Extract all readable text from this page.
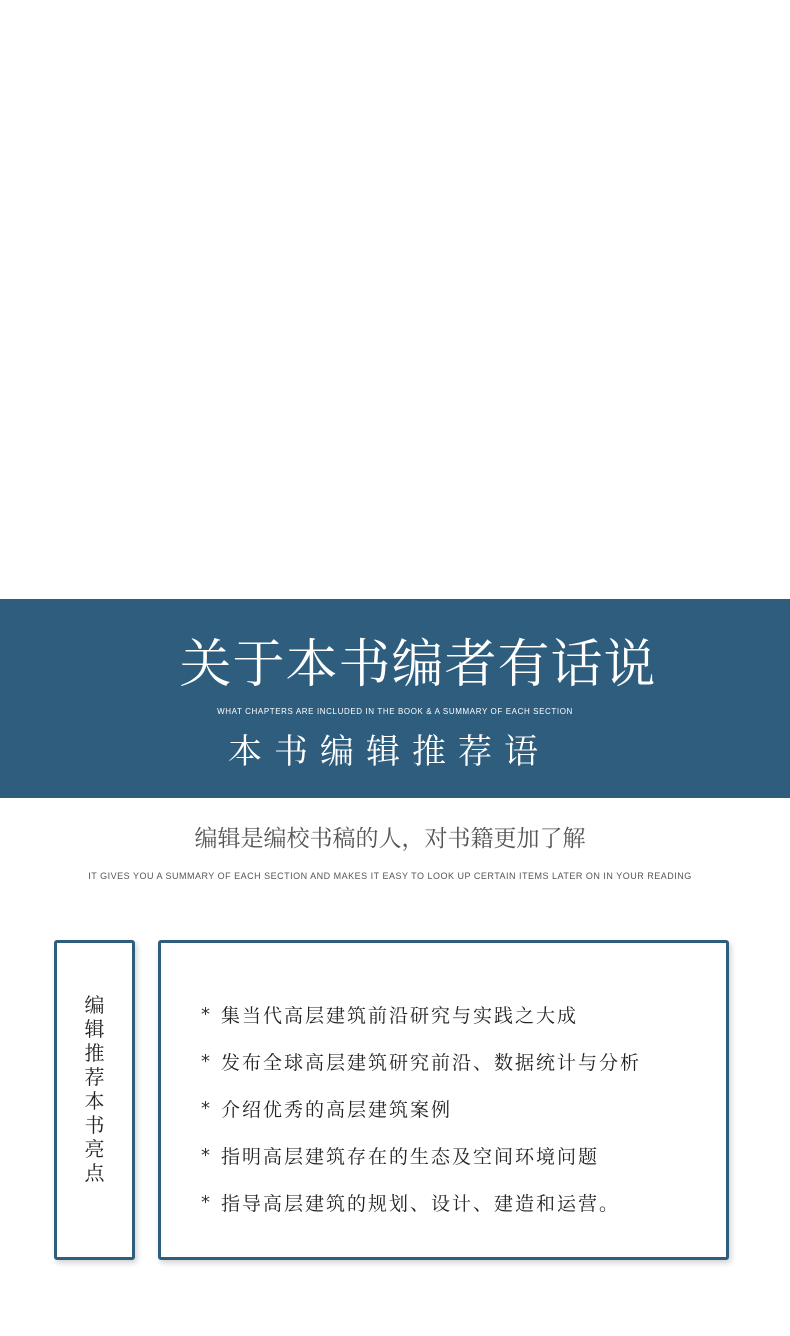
关于本书编者有话说
WHAT CHAPTERS ARE INCLUDED IN THE BOOK & A SUMMARY OF EACH SECTION
本书编辑推荐语
编辑是编校书稿的人，对书籍更加了解
IT GIVES YOU A SUMMARY OF EACH SECTION AND MAKES IT EASY TO LOOK UP CERTAIN ITEMS LATER ON IN YOUR READING
编辑推荐 本书亮点
* 集当代高层建筑前沿研究与实践之大成
* 发布全球高层建筑研究前沿、数据统计与分析
* 介绍优秀的高层建筑案例
* 指明高层建筑存在的生态及空间环境问题
* 指导高层建筑的规划、设计、建造和运营。
